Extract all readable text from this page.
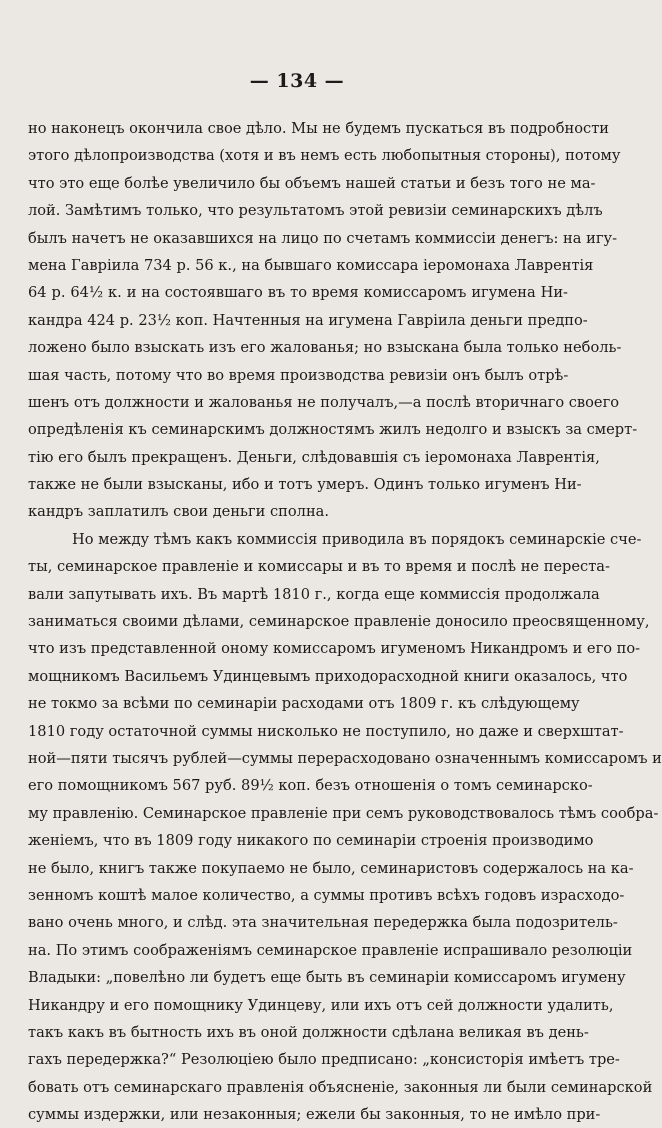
— 134 —
но наконецъ окончила свое дѣло. Мы не будемъ пускаться въ подробности
этого дѣлопроизводства (хотя и въ немъ есть любопытныя стороны), потому
что это еще болѣе увеличило бы объемъ нашей статьи и безъ того не ма-
лой. Замѣтимъ только, что результатомъ этой ревизіи семинарскихъ дѣлъ
былъ начетъ не оказавшихся на лицо по счетамъ коммиссіи денегъ: на игу-
мена Гавріила 734 р. 56 к., на бывшаго комиссара іеромонаха Лаврентія
64 р. 64½ к. и на состоявшаго въ то время комиссаромъ игумена Ни-
кандра 424 р. 23½ коп. Начтенныя на игумена Гавріила деньги предпо-
ложено было взыскать изъ его жалованья; но взыскана была только неболь-
шая часть, потому что во время производства ревизіи онъ былъ отрѣ-
шенъ отъ должности и жалованья не получалъ,—а послѣ вторичнаго своего
опредѣленія къ семинарскимъ должностямъ жилъ недолго и взыскъ за смерт-
тію его былъ прекращенъ. Деньги, слѣдовавшія съ іеромонаха Лаврентія,
также не были взысканы, ибо и тотъ умеръ. Одинъ только игуменъ Ни-
кандръ заплатилъ свои деньги сполна.
Но между тѣмъ какъ коммиссія приводила въ порядокъ семинарскіе сче-
ты, семинарское правленіе и комиссары и въ то время и послѣ не переста-
вали запутывать ихъ. Въ мартѣ 1810 г., когда еще коммиссія продолжала
заниматься своими дѣлами, семинарское правленіе доносило преосвященному,
что изъ представленной оному комиссаромъ игуменомъ Никандромъ и его по-
мощникомъ Васильемъ Удинцевымъ приходорасходной книги оказалось, что
не токмо за всѣми по семинаріи расходами отъ 1809 г. къ слѣдующему
1810 году остаточной суммы нисколько не поступило, но даже и сверхштат-
ной—пяти тысячъ рублей—суммы перерасходовано означеннымъ комиссаромъ и
его помощникомъ 567 руб. 89½ коп. безъ отношенія о томъ семинарско-
му правленію. Семинарское правленіе при семъ руководствовалось тѣмъ сообра-
женіемъ, что въ 1809 году никакого по семинаріи строенія производимо
не было, книгъ также покупаемо не было, семинаристовъ содержалось на ка-
зенномъ коштѣ малое количество, а суммы противъ всѣхъ годовъ израсходо-
вано очень много, и слѣд. эта значительная передержка была подозритель-
на. По этимъ соображеніямъ семинарское правленіе испрашивало резолюціи
Владыки: „повелѣно ли будетъ еще быть въ семинаріи комиссаромъ игумену
Никандру и его помощнику Удинцеву, или ихъ отъ сей должности удалить,
такъ какъ въ бытность ихъ въ оной должности сдѣлана великая въ день-
гахъ передержка?“ Резолюціею было предписано: „консисторія имѣетъ тре-
бовать отъ семинарскаго правленія объясненіе, законныя ли были семинарской
суммы издержки, или незаконныя; ежели бы законныя, то не имѣло при-
